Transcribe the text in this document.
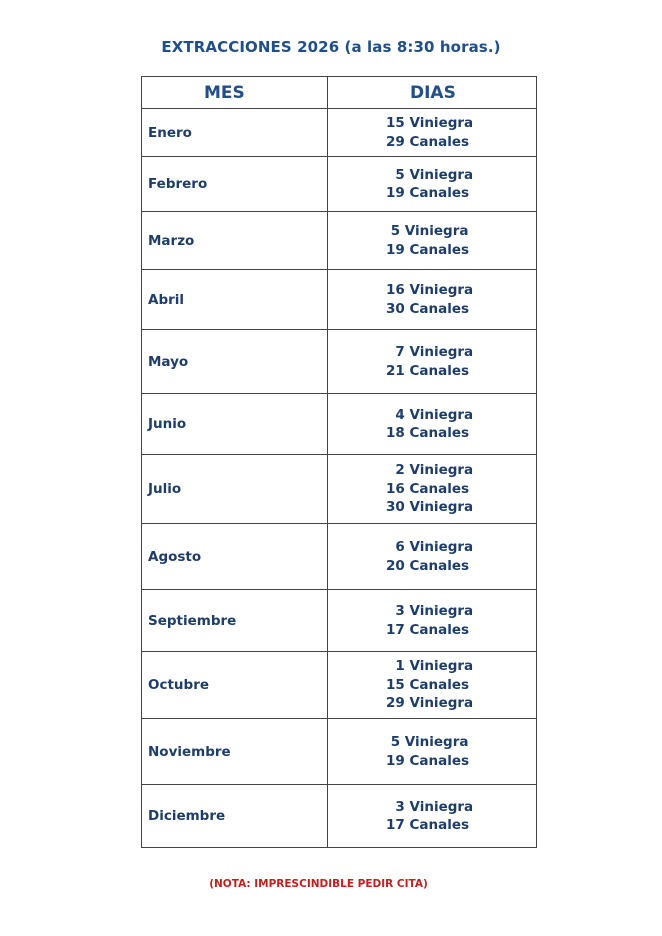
EXTRACCIONES 2026 (a las 8:30 horas.)
MES	DIAS
Enero	15 Viniegra
29 Canales

Febrero	5 Viniegra
19 Canales

Marzo	5 Viniegra
19 Canales

Abril	16 Viniegra
30 Canales

Mayo	7 Viniegra
21 Canales

Junio	4 Viniegra
18 Canales

Julio	2 Viniegra
16 Canales
30 Viniegra

Agosto	6 Viniegra
20 Canales

Septiembre	3 Viniegra
17 Canales

Octubre	1 Viniegra
15 Canales
29 Viniegra

Noviembre	5 Viniegra
19 Canales

Diciembre	3 Viniegra
17 Canales
(NOTA: IMPRESCINDIBLE PEDIR CITA)
